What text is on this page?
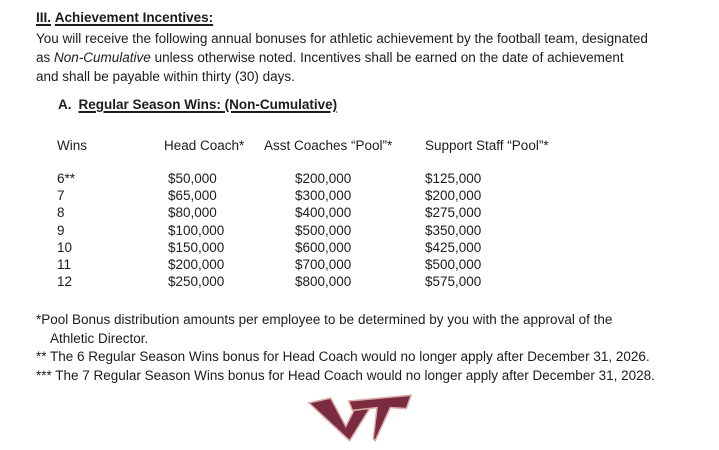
III. Achievement Incentives:
You will receive the following annual bonuses for athletic achievement by the football team, designated
as Non-Cumulative unless otherwise noted. Incentives shall be earned on the date of achievement
and shall be payable within thirty (30) days.
A. Regular Season Wins: (Non-Cumulative)
Wins	Head Coach*	Asst Coaches “Pool”*	Support Staff “Pool”*
6**	$50,000	$200,000	$125,000
7	$65,000	$300,000	$200,000
8	$80,000	$400,000	$275,000
9	$100,000	$500,000	$350,000
10	$150,000	$600,000	$425,000
11	$200,000	$700,000	$500,000
12	$250,000	$800,000	$575,000
*Pool Bonus distribution amounts per employee to be determined by you with the approval of the
Athletic Director.
** The 6 Regular Season Wins bonus for Head Coach would no longer apply after December 31, 2026.
*** The 7 Regular Season Wins bonus for Head Coach would no longer apply after December 31, 2028.
